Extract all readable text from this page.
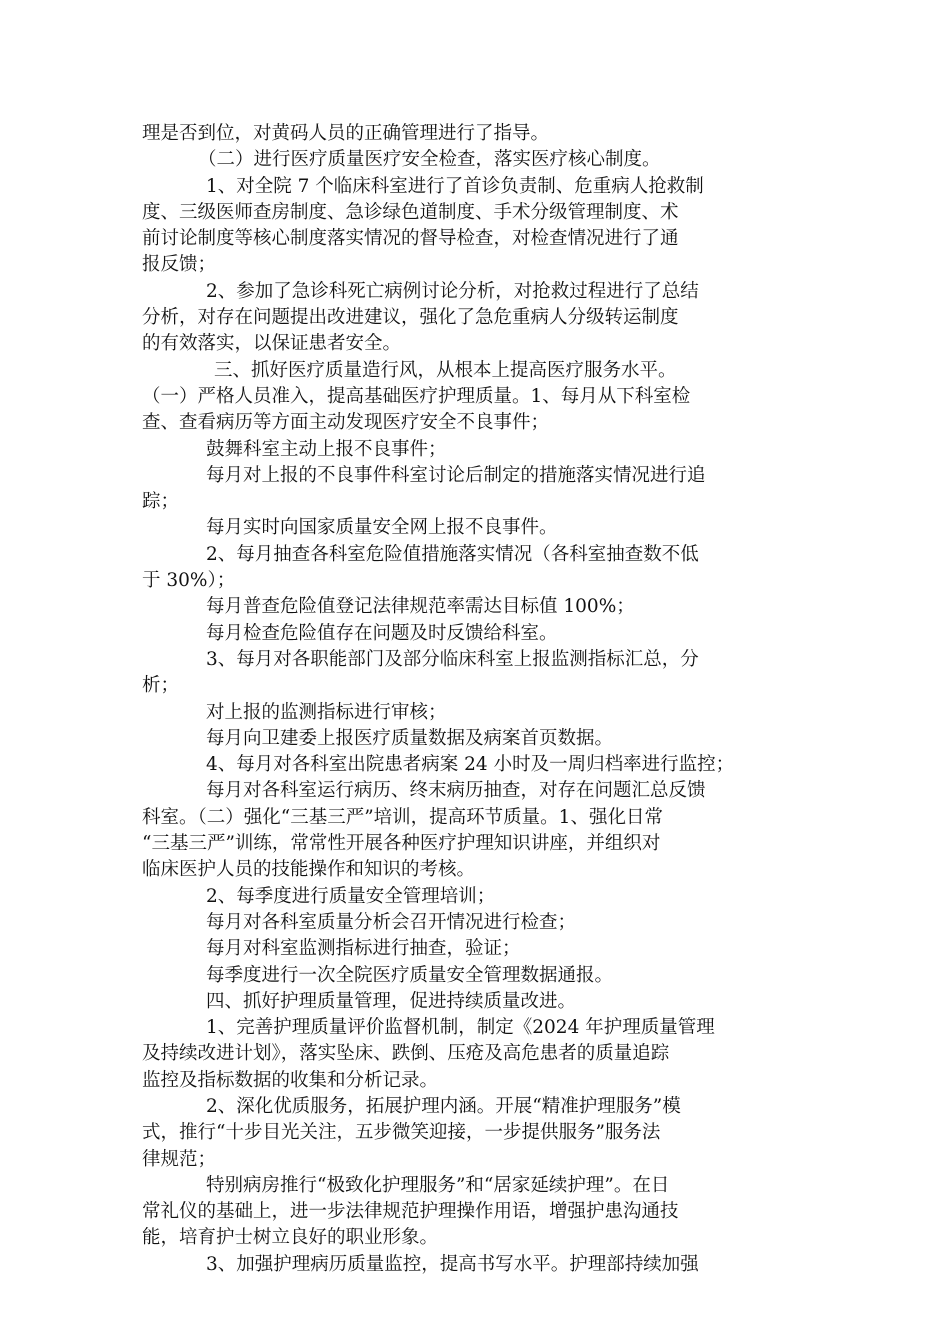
理是否到位，对黄码人员的正确管理进行了指导。
（二）进行医疗质量医疗安全检查，落实医疗核心制度。
1、对全院 7 个临床科室进行了首诊负责制、危重病人抢救制
度、三级医师查房制度、急诊绿色道制度、手术分级管理制度、术
前讨论制度等核心制度落实情况的督导检查，对检查情况进行了通
报反馈；
2、参加了急诊科死亡病例讨论分析，对抢救过程进行了总结
分析，对存在问题提出改进建议，强化了急危重病人分级转运制度
的有效落实，以保证患者安全。
三、抓好医疗质量造行风，从根本上提高医疗服务水平。
（一）严格人员准入，提高基础医疗护理质量。1、每月从下科室检
查、查看病历等方面主动发现医疗安全不良事件；
鼓舞科室主动上报不良事件；
每月对上报的不良事件科室讨论后制定的措施落实情况进行追
踪；
每月实时向国家质量安全网上报不良事件。
2、每月抽查各科室危险值措施落实情况（各科室抽查数不低
于 30%）；
每月普查危险值登记法律规范率需达目标值 100%；
每月检查危险值存在问题及时反馈给科室。
3、每月对各职能部门及部分临床科室上报监测指标汇总，分
析；
对上报的监测指标进行审核；
每月向卫建委上报医疗质量数据及病案首页数据。
4、每月对各科室出院患者病案 24 小时及一周归档率进行监控；
每月对各科室运行病历、终末病历抽查，对存在问题汇总反馈
科室。（二）强化“三基三严”培训，提高环节质量。1、强化日常
“三基三严”训练，常常性开展各种医疗护理知识讲座，并组织对
临床医护人员的技能操作和知识的考核。
2、每季度进行质量安全管理培训；
每月对各科室质量分析会召开情况进行检查；
每月对科室监测指标进行抽查，验证；
每季度进行一次全院医疗质量安全管理数据通报。
四、抓好护理质量管理，促进持续质量改进。
1、完善护理质量评价监督机制，制定《2024 年护理质量管理
及持续改进计划》，落实坠床、跌倒、压疮及高危患者的质量追踪
监控及指标数据的收集和分析记录。
2、深化优质服务，拓展护理内涵。开展“精准护理服务”模
式，推行“十步目光关注，五步微笑迎接，一步提供服务”服务法
律规范；
特别病房推行“极致化护理服务”和“居家延续护理”。在日
常礼仪的基础上，进一步法律规范护理操作用语，增强护患沟通技
能，培育护士树立良好的职业形象。
3、加强护理病历质量监控，提高书写水平。护理部持续加强
